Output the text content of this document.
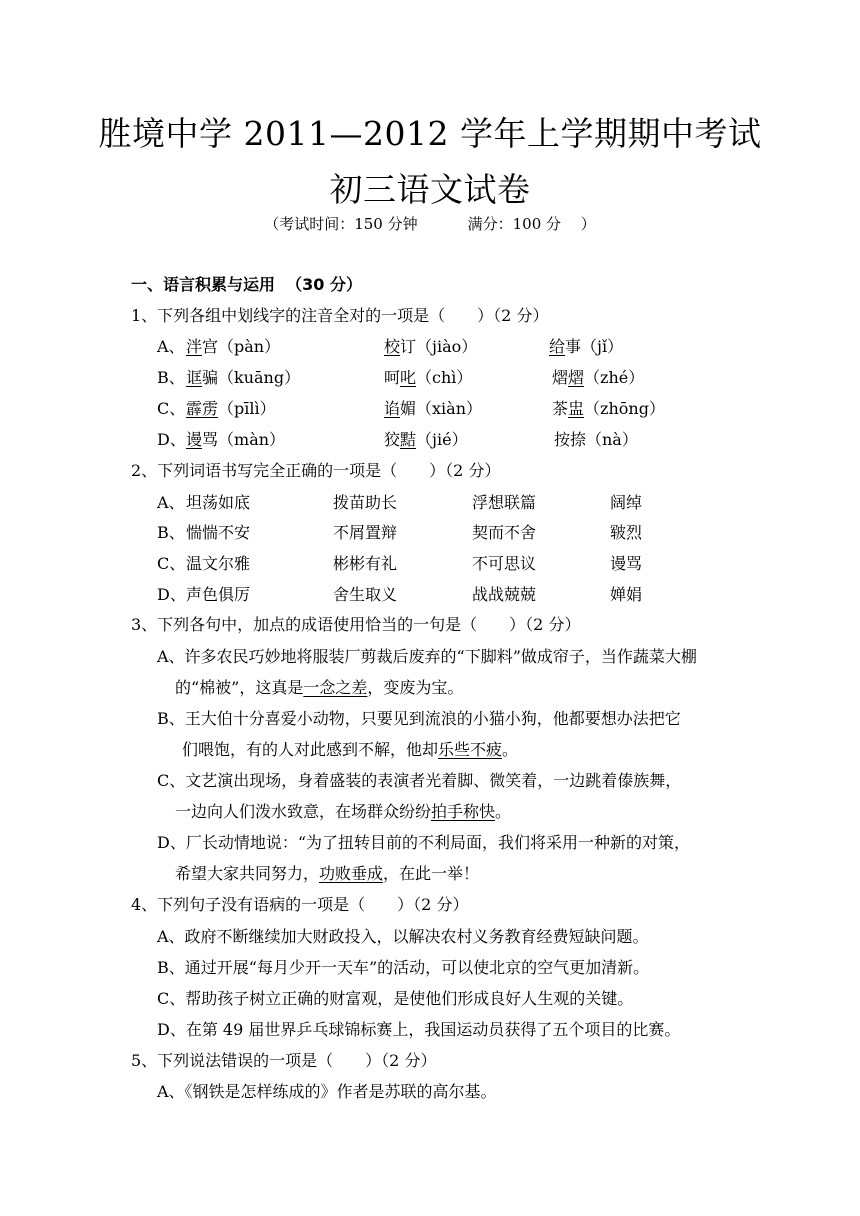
胜境中学 2011—2012 学年上学期期中考试
初三语文试卷
（考试时间：150 分钟	满分：100 分　 ）
一、语言积累与运用 （30 分）
1、下列各组中划线字的注音全对的一项是（　　）（2 分）
A、 泮宫（pàn）	校订（jiào）	给事（jǐ）
B、 诓骗（kuāng）	呵叱（chì）	熠熠（zhé）
C、 霹雳（pīlì）	谄媚（xiàn）	茶盅（zhōng）
D、 谩骂（màn）	狡黠（jié）	按捺（nà）
2、下列词语书写完全正确的一项是（　　）（2 分）
A、 坦荡如底	拨苗助长	浮想联篇	阔绰
B、 惴惴不安	不屑置辩	契而不舍	皲烈
C、 温文尔雅	彬彬有礼	不可思议	谩骂
D、 声色俱厉	舍生取义	战战兢兢	婵娟
3、下列各句中，加点的成语使用恰当的一句是（　　）（2 分）
A、许多农民巧妙地将服装厂剪裁后废弃的“下脚料”做成帘子，当作蔬菜大棚
的“棉被”，这真是一念之差，变废为宝。
B、王大伯十分喜爱小动物，只要见到流浪的小猫小狗，他都要想办法把它
们喂饱，有的人对此感到不解，他却乐些不疲。
C、文艺演出现场，身着盛装的表演者光着脚、微笑着，一边跳着傣族舞，
一边向人们泼水致意，在场群众纷纷拍手称快。
D、厂长动情地说：“为了扭转目前的不利局面，我们将采用一种新的对策，
希望大家共同努力，功败垂成，在此一举！
4、下列句子没有语病的一项是（　　）（2 分）
A、政府不断继续加大财政投入，以解决农村义务教育经费短缺问题。
B、通过开展“每月少开一天车”的活动，可以使北京的空气更加清新。
C、帮助孩子树立正确的财富观，是使他们形成良好人生观的关键。
D、在第 49 届世界乒乓球锦标赛上，我国运动员获得了五个项目的比赛。
5、下列说法错误的一项是（　　）（2 分）
A、《钢铁是怎样练成的》作者是苏联的高尔基。
